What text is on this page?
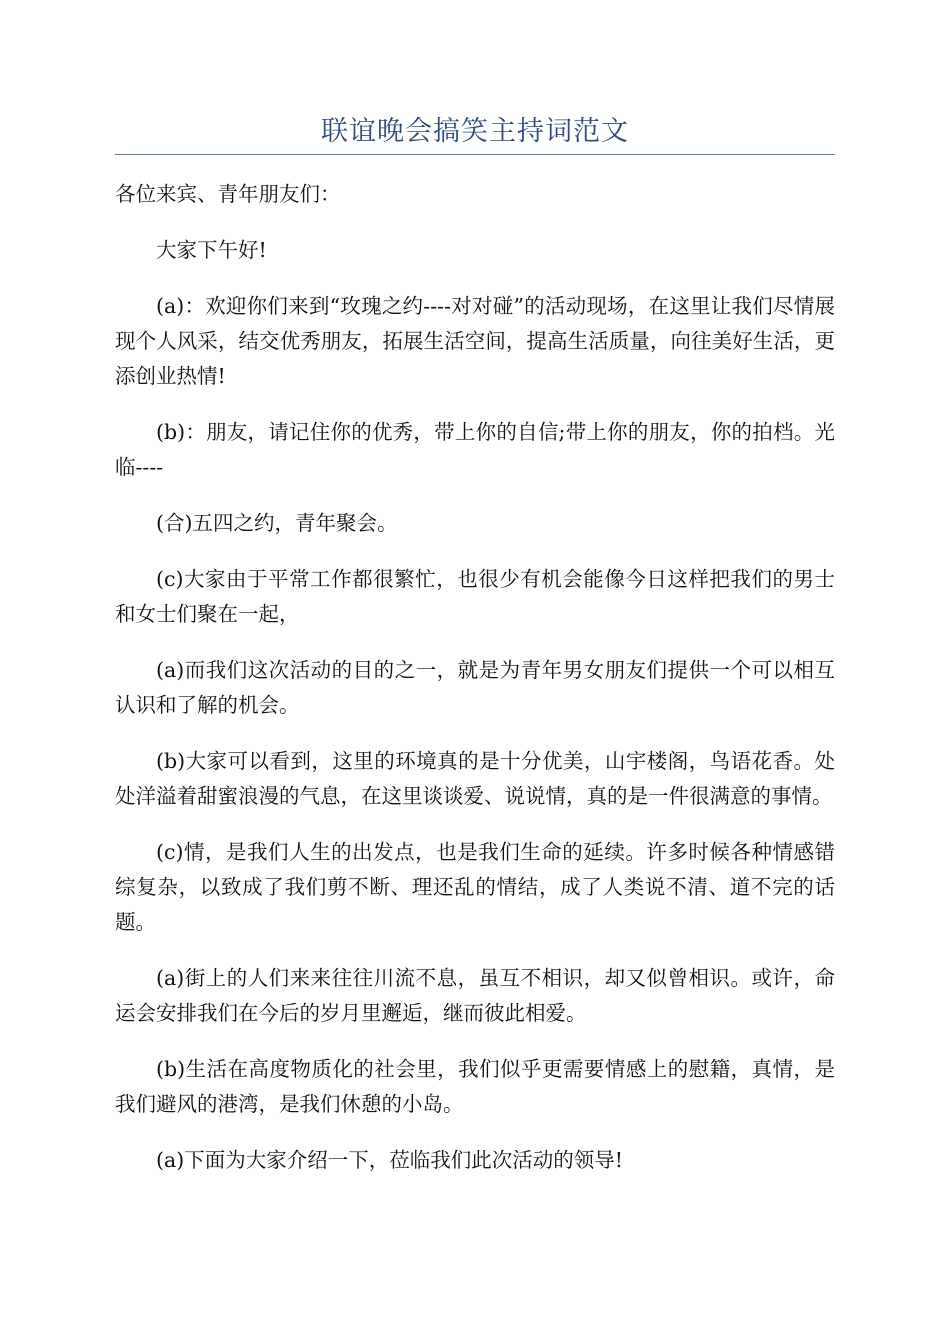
联谊晚会搞笑主持词范文

各位来宾、青年朋友们：

大家下午好!

(a)：欢迎你们来到“玫瑰之约----对对碰”的活动现场，在这里让我们尽情展现个人风采，结交优秀朋友，拓展生活空间，提高生活质量，向往美好生活，更添创业热情!

(b)：朋友，请记住你的优秀，带上你的自信;带上你的朋友，你的拍档。光临----

(合)五四之约，青年聚会。

(c)大家由于平常工作都很繁忙，也很少有机会能像今日这样把我们的男士和女士们聚在一起，

(a)而我们这次活动的目的之一，就是为青年男女朋友们提供一个可以相互认识和了解的机会。

(b)大家可以看到，这里的环境真的是十分优美，山宇楼阁，鸟语花香。处处洋溢着甜蜜浪漫的气息，在这里谈谈爱、说说情，真的是一件很满意的事情。

(c)情，是我们人生的出发点，也是我们生命的延续。许多时候各种情感错综复杂，以致成了我们剪不断、理还乱的情结，成了人类说不清、道不完的话题。

(a)街上的人们来来往往川流不息，虽互不相识，却又似曾相识。或许，命运会安排我们在今后的岁月里邂逅，继而彼此相爱。

(b)生活在高度物质化的社会里，我们似乎更需要情感上的慰籍，真情，是我们避风的港湾，是我们休憩的小岛。

(a)下面为大家介绍一下，莅临我们此次活动的领导!
